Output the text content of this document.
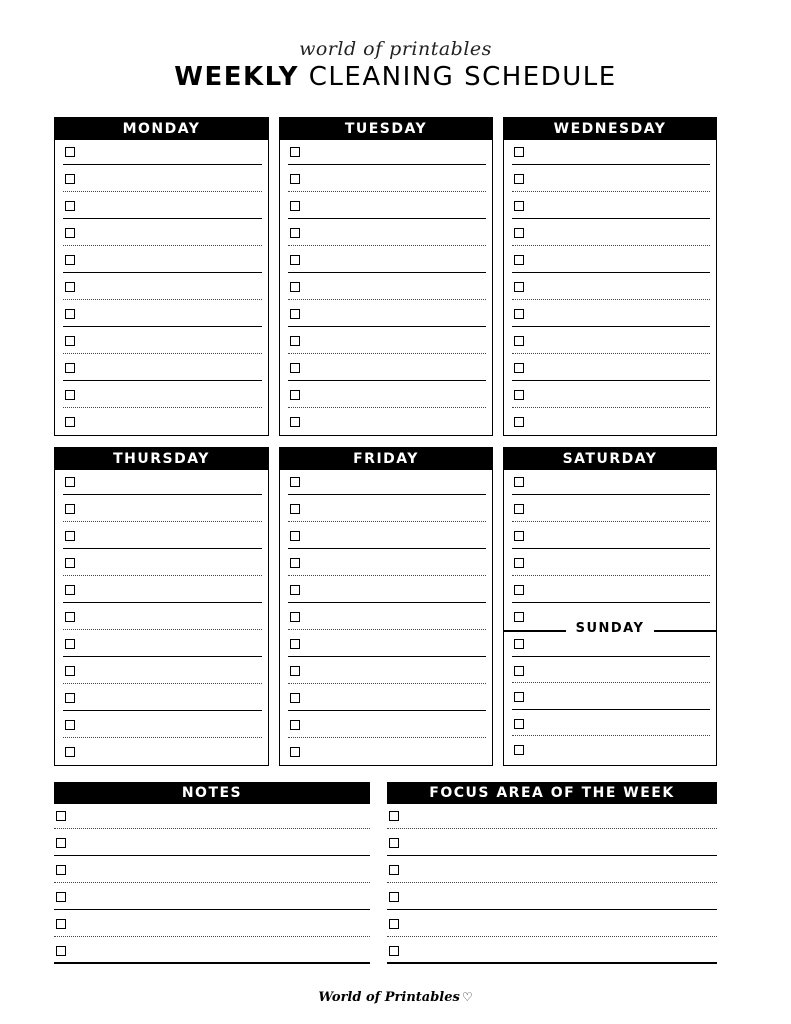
world of printables
WEEKLY CLEANING SCHEDULE
MONDAY	TUESDAY	WEDNESDAY
THURSDAY	FRIDAY	SATURDAY
SUNDAY
NOTES	FOCUS AREA OF THE WEEK
World of Printables ♡
